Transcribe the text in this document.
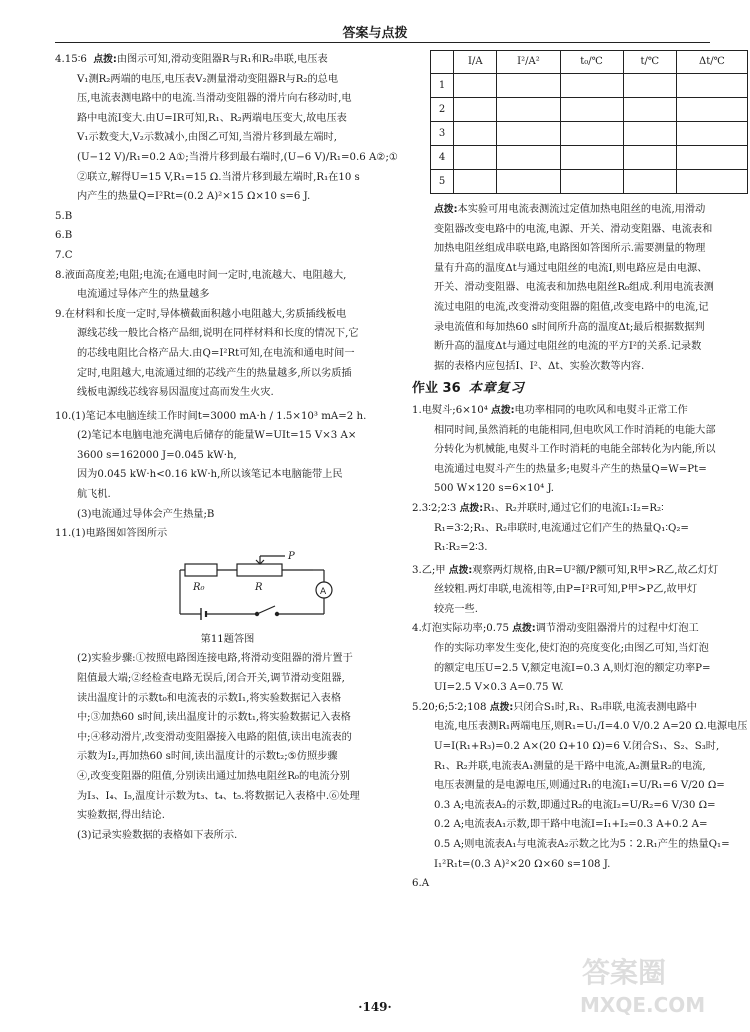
答案与点拨

4.15∶6 点拨:由图示可知,滑动变阻器R与R₁和R₂串联,电压表

V₁测R₂两端的电压,电压表V₂测量滑动变阻器R与R₂的总电

压,电流表测电路中的电流.当滑动变阻器的滑片向右移动时,电

路中电流I变大.由U=IR可知,R₁、R₂两端电压变大,故电压表

V₁示数变大,V₂示数减小,由图乙可知,当滑片移到最左端时,

(U−12 V)/R₁=0.2 A①;当滑片移到最右端时,(U−6 V)/R₁=0.6 A②;①

②联立,解得U=15 V,R₁=15 Ω.当滑片移到最左端时,R₁在10 s

内产生的热量Q=I²Rt=(0.2 A)²×15 Ω×10 s=6 J.

5.B

6.B

7.C

8.液面高度差;电阻;电流;在通电时间一定时,电流越大、电阻越大,

电流通过导体产生的热量越多

9.在材料和长度一定时,导体横截面积越小电阻越大,劣质插线板电

源线芯线一般比合格产品细,说明在同样材料和长度的情况下,它

的芯线电阻比合格产品大.由Q=I²Rt可知,在电流和通电时间一

定时,电阻越大,电流通过细的芯线产生的热量越多,所以劣质插

线板电源线芯线容易因温度过高而发生火灾.

10.(1)笔记本电脑连续工作时间t=3000 mA·h / 1.5×10³ mA=2 h.

(2)笔记本电脑电池充满电后储存的能量W=UIt=15 V×3 A×

3600 s=162000 J=0.045 kW·h,

因为0.045 kW·h<0.16 kW·h,所以该笔记本电脑能带上民

航飞机.

(3)电流通过导体会产生热量;B

11.(1)电路图如答图所示

R₀	R
P
A

第11题答图

(2)实验步骤:①按照电路图连接电路,将滑动变阻器的滑片置于

阻值最大端;②经检查电路无误后,闭合开关,调节滑动变阻器,

读出温度计的示数t₀和电流表的示数I₁,将实验数据记入表格

中;③加热60 s时间,读出温度计的示数t₁,将实验数据记入表格

中;④移动滑片,改变滑动变阻器接入电路的阻值,读出电流表的

示数为I₂,再加热60 s时间,读出温度计的示数t₂;⑤仿照步骤

④,改变变阻器的阻值,分别读出通过加热电阻丝R₀的电流分别

为I₃、I₄、I₅,温度计示数为t₃、t₄、t₅.将数据记入表格中.⑥处理

实验数据,得出结论.

(3)记录实验数据的表格如下表所示.

	I/A	I²/A²	t₀/℃	t/℃	Δt/℃
1					
2					
3					
4					
5					

点拨:本实验可用电流表测流过定值加热电阻丝的电流,用滑动

变阻器改变电路中的电流,电源、开关、滑动变阻器、电流表和

加热电阻丝组成串联电路,电路图如答图所示.需要测量的物理

量有升高的温度Δt与通过电阻丝的电流I,则电路应是由电源、

开关、滑动变阻器、电流表和加热电阻丝R₀组成.利用电流表测

流过电阻的电流,改变滑动变阻器的阻值,改变电路中的电流,记

录电流值和每加热60 s时间所升高的温度Δt;最后根据数据判

断升高的温度Δt与通过电阻丝的电流的平方I²的关系.记录数

据的表格内应包括I、I²、Δt、实验次数等内容.

作业 36 本章复习

1.电熨斗;6×10⁴ 点拨:电功率相同的电吹风和电熨斗正常工作

相同时间,虽然消耗的电能相同,但电吹风工作时消耗的电能大部

分转化为机械能,电熨斗工作时消耗的电能全部转化为内能,所以

电流通过电熨斗产生的热量多;电熨斗产生的热量Q=W=Pt=

500 W×120 s=6×10⁴ J.

2.3∶2;2∶3 点拨:R₁、R₂并联时,通过它们的电流I₁∶I₂=R₂∶

R₁=3∶2;R₁、R₂串联时,电流通过它们产生的热量Q₁∶Q₂=

R₁∶R₂=2∶3.

3.乙;甲 点拨:观察两灯规格,由R=U²额/P额可知,R甲>R乙,故乙灯灯

丝较粗.两灯串联,电流相等,由P=I²R可知,P甲>P乙,故甲灯

较亮一些.

4.灯泡实际功率;0.75 点拨:调节滑动变阻器滑片的过程中灯泡工

作的实际功率发生变化,使灯泡的亮度变化;由图乙可知,当灯泡

的额定电压U=2.5 V,额定电流I=0.3 A,则灯泡的额定功率P=

UI=2.5 V×0.3 A=0.75 W.

5.20;6;5∶2;108 点拨:只闭合S₁时,R₁、R₃串联,电流表测电路中

电流,电压表测R₁两端电压,则R₁=U₁/I=4.0 V/0.2 A=20 Ω.电源电压

U=I(R₁+R₃)=0.2 A×(20 Ω+10 Ω)=6 V.闭合S₁、S₂、S₃时,

R₁、R₂并联,电流表A₁测量的是干路中电流,A₂测量R₂的电流,

电压表测量的是电源电压,则通过R₁的电流I₁=U/R₁=6 V/20 Ω=

0.3 A;电流表A₂的示数,即通过R₂的电流I₂=U/R₂=6 V/30 Ω=

0.2 A;电流表A₁示数,即干路中电流I=I₁+I₂=0.3 A+0.2 A=

0.5 A;则电流表A₁与电流表A₂示数之比为5∶2.R₁产生的热量Q₁=

I₁²R₁t=(0.3 A)²×20 Ω×60 s=108 J.

6.A

·149·
答案圈
MXQE.COM
